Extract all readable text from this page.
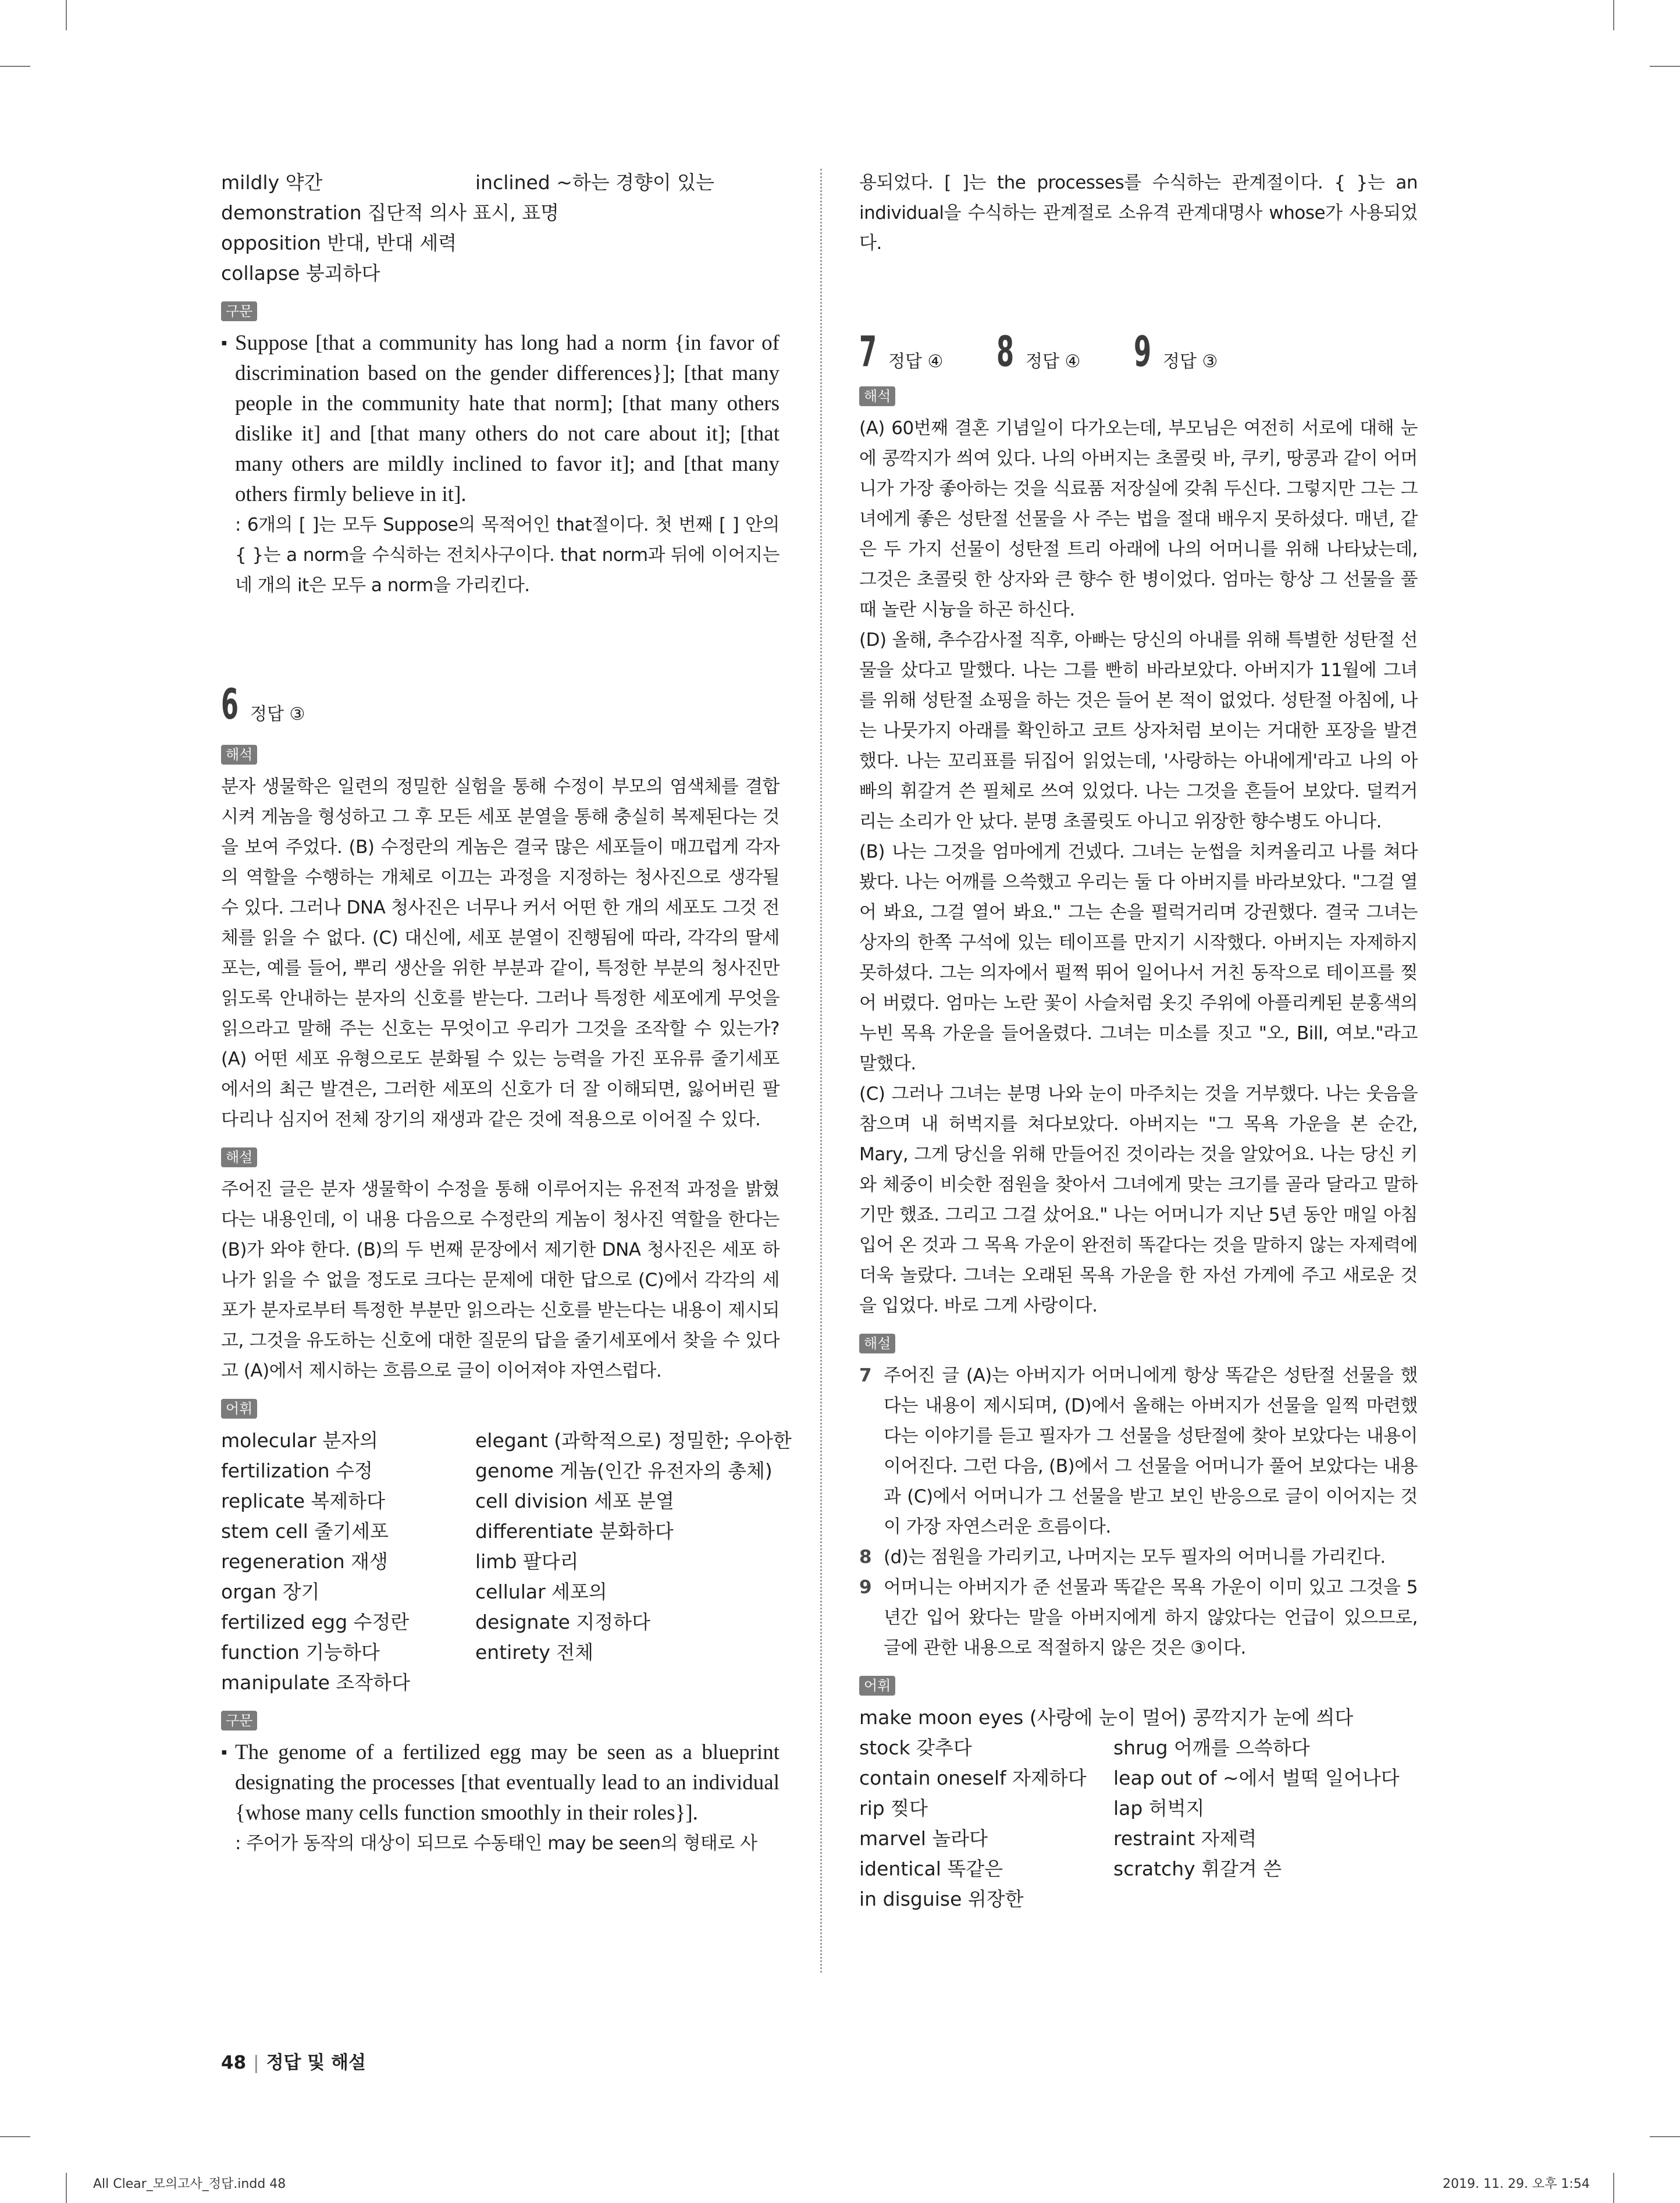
mildly 약간	inclined ~하는 경향이 있는
demonstration 집단적 의사 표시, 표명
opposition 반대, 반대 세력
collapse 붕괴하다
구문
▪ Suppose [that a community has long had a norm {in favor of discrimination based on the gender differences}]; [that many people in the community hate that norm]; [that many others dislike it] and [that many others do not care about it]; [that many others are mildly inclined to favor it]; and [that many others firmly believe in it].
: 6개의 [ ]는 모두 Suppose의 목적어인 that절이다. 첫 번째 [ ] 안의 { }는 a norm을 수식하는 전치사구이다. that norm과 뒤에 이어지는 네 개의 it은 모두 a norm을 가리킨다.
6 정답 ③
해석
분자 생물학은 일련의 정밀한 실험을 통해 수정이 부모의 염색체를 결합시켜 게놈을 형성하고 그 후 모든 세포 분열을 통해 충실히 복제된다는 것을 보여 주었다. (B) 수정란의 게놈은 결국 많은 세포들이 매끄럽게 각자의 역할을 수행하는 개체로 이끄는 과정을 지정하는 청사진으로 생각될 수 있다. 그러나 DNA 청사진은 너무나 커서 어떤 한 개의 세포도 그것 전체를 읽을 수 없다. (C) 대신에, 세포 분열이 진행됨에 따라, 각각의 딸세포는, 예를 들어, 뿌리 생산을 위한 부분과 같이, 특정한 부분의 청사진만 읽도록 안내하는 분자의 신호를 받는다. 그러나 특정한 세포에게 무엇을 읽으라고 말해 주는 신호는 무엇이고 우리가 그것을 조작할 수 있는가? (A) 어떤 세포 유형으로도 분화될 수 있는 능력을 가진 포유류 줄기세포에서의 최근 발견은, 그러한 세포의 신호가 더 잘 이해되면, 잃어버린 팔다리나 심지어 전체 장기의 재생과 같은 것에 적용으로 이어질 수 있다.
해설
주어진 글은 분자 생물학이 수정을 통해 이루어지는 유전적 과정을 밝혔다는 내용인데, 이 내용 다음으로 수정란의 게놈이 청사진 역할을 한다는 (B)가 와야 한다. (B)의 두 번째 문장에서 제기한 DNA 청사진은 세포 하나가 읽을 수 없을 정도로 크다는 문제에 대한 답으로 (C)에서 각각의 세포가 분자로부터 특정한 부분만 읽으라는 신호를 받는다는 내용이 제시되고, 그것을 유도하는 신호에 대한 질문의 답을 줄기세포에서 찾을 수 있다고 (A)에서 제시하는 흐름으로 글이 이어져야 자연스럽다.
어휘
molecular 분자의	elegant (과학적으로) 정밀한; 우아한
fertilization 수정	genome 게놈(인간 유전자의 총체)
replicate 복제하다	cell division 세포 분열
stem cell 줄기세포	differentiate 분화하다
regeneration 재생	limb 팔다리
organ 장기	cellular 세포의
fertilized egg 수정란	designate 지정하다
function 기능하다	entirety 전체
manipulate 조작하다
구문
▪ The genome of a fertilized egg may be seen as a blueprint designating the processes [that eventually lead to an individual {whose many cells function smoothly in their roles}].
: 주어가 동작의 대상이 되므로 수동태인 may be seen의 형태로 사
용되었다. [ ]는 the processes를 수식하는 관계절이다. { }는 an individual을 수식하는 관계절로 소유격 관계대명사 whose가 사용되었다.
7 정답 ④ 8 정답 ④ 9 정답 ③
해석

(A) 60번째 결혼 기념일이 다가오는데, 부모님은 여전히 서로에 대해 눈에 콩깍지가 씌여 있다. 나의 아버지는 초콜릿 바, 쿠키, 땅콩과 같이 어머니가 가장 좋아하는 것을 식료품 저장실에 갖춰 두신다. 그렇지만 그는 그녀에게 좋은 성탄절 선물을 사 주는 법을 절대 배우지 못하셨다. 매년, 같은 두 가지 선물이 성탄절 트리 아래에 나의 어머니를 위해 나타났는데, 그것은 초콜릿 한 상자와 큰 향수 한 병이었다. 엄마는 항상 그 선물을 풀 때 놀란 시늉을 하곤 하신다.

(D) 올해, 추수감사절 직후, 아빠는 당신의 아내를 위해 특별한 성탄절 선물을 샀다고 말했다. 나는 그를 빤히 바라보았다. 아버지가 11월에 그녀를 위해 성탄절 쇼핑을 하는 것은 들어 본 적이 없었다. 성탄절 아침에, 나는 나뭇가지 아래를 확인하고 코트 상자처럼 보이는 거대한 포장을 발견했다. 나는 꼬리표를 뒤집어 읽었는데, '사랑하는 아내에게'라고 나의 아빠의 휘갈겨 쓴 필체로 쓰여 있었다. 나는 그것을 흔들어 보았다. 덜컥거리는 소리가 안 났다. 분명 초콜릿도 아니고 위장한 향수병도 아니다.

(B) 나는 그것을 엄마에게 건넸다. 그녀는 눈썹을 치켜올리고 나를 쳐다봤다. 나는 어깨를 으쓱했고 우리는 둘 다 아버지를 바라보았다. "그걸 열어 봐요, 그걸 열어 봐요." 그는 손을 펄럭거리며 강권했다. 결국 그녀는 상자의 한쪽 구석에 있는 테이프를 만지기 시작했다. 아버지는 자제하지 못하셨다. 그는 의자에서 펄쩍 뛰어 일어나서 거친 동작으로 테이프를 찢어 버렸다. 엄마는 노란 꽃이 사슬처럼 옷깃 주위에 아플리케된 분홍색의 누빈 목욕 가운을 들어올렸다. 그녀는 미소를 짓고 "오, Bill, 여보."라고 말했다.

(C) 그러나 그녀는 분명 나와 눈이 마주치는 것을 거부했다. 나는 웃음을 참으며 내 허벅지를 쳐다보았다. 아버지는 "그 목욕 가운을 본 순간, Mary, 그게 당신을 위해 만들어진 것이라는 것을 알았어요. 나는 당신 키와 체중이 비슷한 점원을 찾아서 그녀에게 맞는 크기를 골라 달라고 말하기만 했죠. 그리고 그걸 샀어요." 나는 어머니가 지난 5년 동안 매일 아침 입어 온 것과 그 목욕 가운이 완전히 똑같다는 것을 말하지 않는 자제력에 더욱 놀랐다. 그녀는 오래된 목욕 가운을 한 자선 가게에 주고 새로운 것을 입었다. 바로 그게 사랑이다.

해설
7 주어진 글 (A)는 아버지가 어머니에게 항상 똑같은 성탄절 선물을 했다는 내용이 제시되며, (D)에서 올해는 아버지가 선물을 일찍 마련했다는 이야기를 듣고 필자가 그 선물을 성탄절에 찾아 보았다는 내용이 이어진다. 그런 다음, (B)에서 그 선물을 어머니가 풀어 보았다는 내용과 (C)에서 어머니가 그 선물을 받고 보인 반응으로 글이 이어지는 것이 가장 자연스러운 흐름이다.
8 (d)는 점원을 가리키고, 나머지는 모두 필자의 어머니를 가리킨다.
9 어머니는 아버지가 준 선물과 똑같은 목욕 가운이 이미 있고 그것을 5년간 입어 왔다는 말을 아버지에게 하지 않았다는 언급이 있으므로, 글에 관한 내용으로 적절하지 않은 것은 ③이다.
어휘
make moon eyes (사랑에 눈이 멀어) 콩깍지가 눈에 씌다
stock 갖추다	shrug 어깨를 으쓱하다
contain oneself 자제하다 leap out of ~에서 벌떡 일어나다
rip 찢다	lap 허벅지
marvel 놀라다	restraint 자제력
identical 똑같은	scratchy 휘갈겨 쓴
in disguise 위장한
48 | 정답 및 해설
All Clear_모의고사_정답.indd 48	2019. 11. 29. 오후 1:54
